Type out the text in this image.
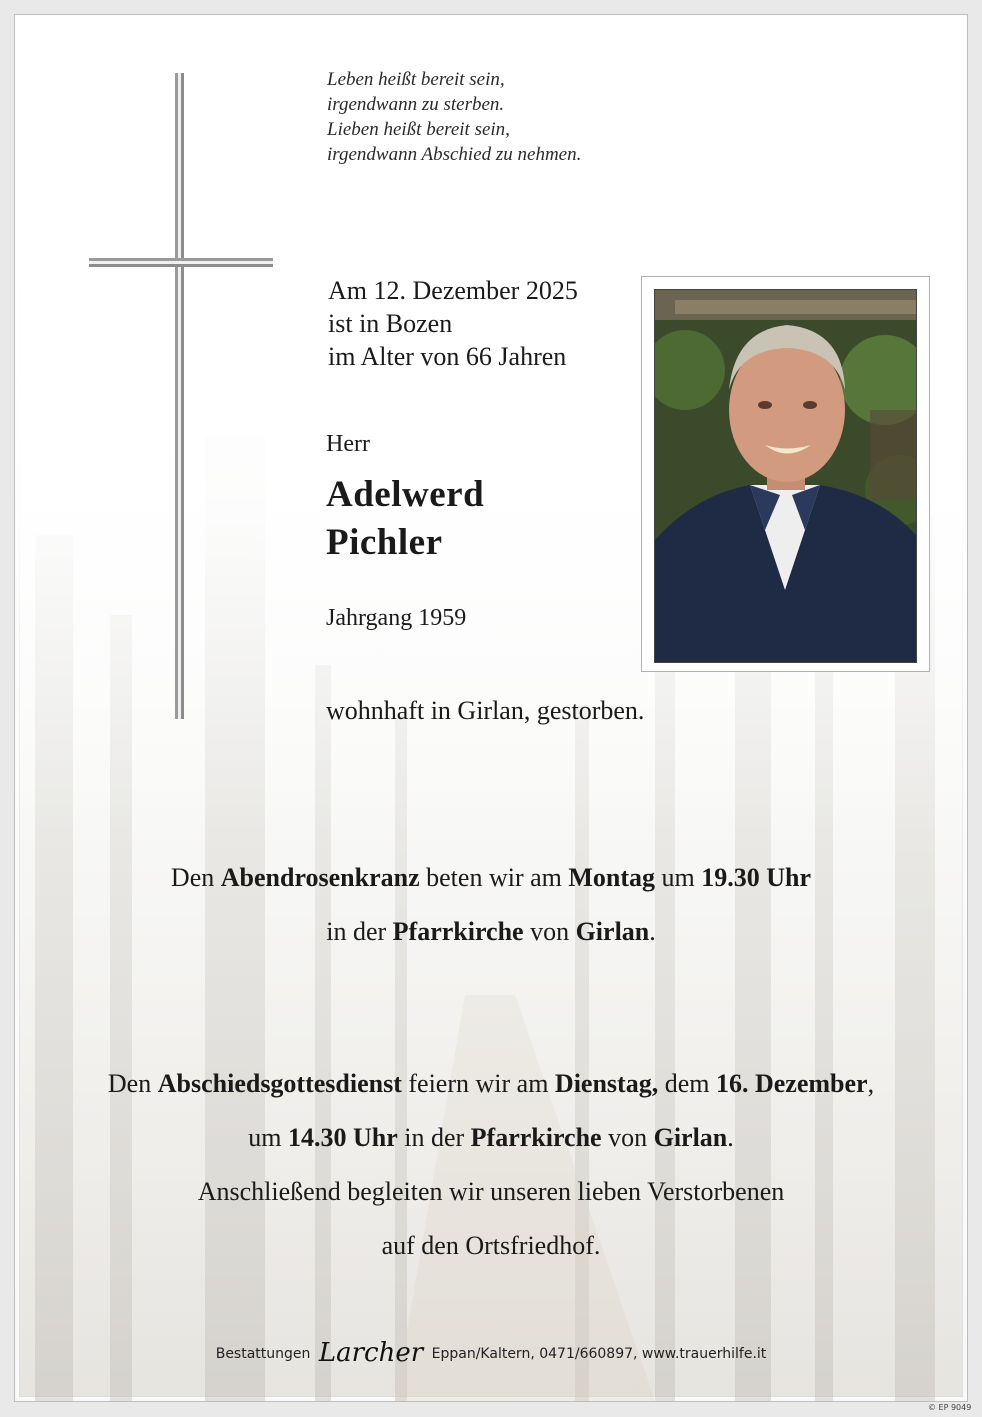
Leben heißt bereit sein,
irgendwann zu sterben.
Lieben heißt bereit sein,
irgendwann Abschied zu nehmen.
Am 12. Dezember 2025
ist in Bozen
im Alter von 66 Jahren
Herr
Adelwerd
Pichler
Jahrgang 1959
wohnhaft in Girlan, gestorben.
Den Abendrosenkranz beten wir am Montag um 19.30 Uhr
in der Pfarrkirche von Girlan.
Den Abschiedsgottesdienst feiern wir am Dienstag, dem 16. Dezember,
um 14.30 Uhr in der Pfarrkirche von Girlan.
Anschließend begleiten wir unseren lieben Verstorbenen
auf den Ortsfriedhof.
Bestattungen Larcher Eppan/Kaltern, 0471/660897, www.trauerhilfe.it
© EP 9049
